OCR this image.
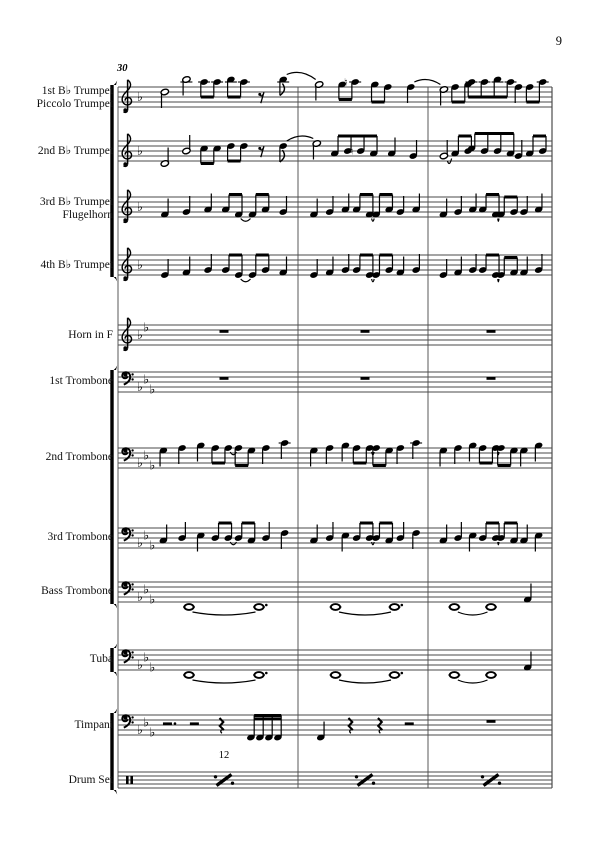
9
30
12
♭
♮
♭	♮
♭
♭
♭ ♭
♭ ♭
♭
♭ ♭
♭
♭ ♭
♭
♭ ♭
♭
♭ ♭
♭
♭ ♭
♭
1st B♭ Trumpet
Piccolo Trumpet
2nd B♭ Trumpet
3rd B♭ Trumpet
Flugelhorn
4th B♭ Trumpet
Horn in F
1st Trombone
2nd Trombone
3rd Trombone
Bass Trombone
Tuba
Timpani
Drum Set
